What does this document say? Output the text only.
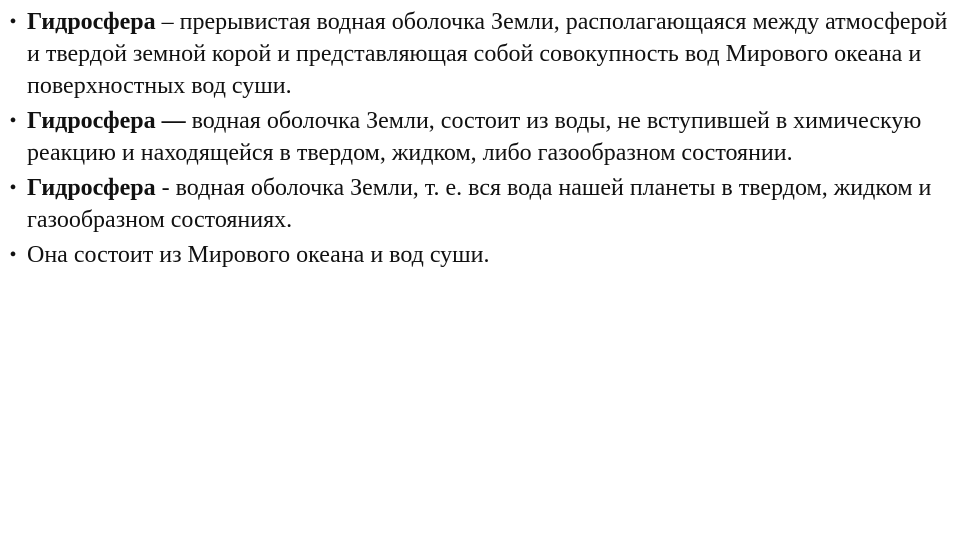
• Гидросфера – прерывистая водная оболочка Земли, располагающаяся между атмосферой и твердой земной корой и представляющая собой совокупность вод Мирового океана и поверхностных вод суши.
• Гидросфера — водная оболочка Земли, состоит из воды, не вступившей в химическую реакцию и находящейся в твердом, жидком, либо газообразном состоянии.
• Гидросфера - водная оболочка Земли, т. е. вся вода нашей планеты в твердом, жидком и газообразном состояниях.
• Она состоит из Мирового океана и вод суши.
